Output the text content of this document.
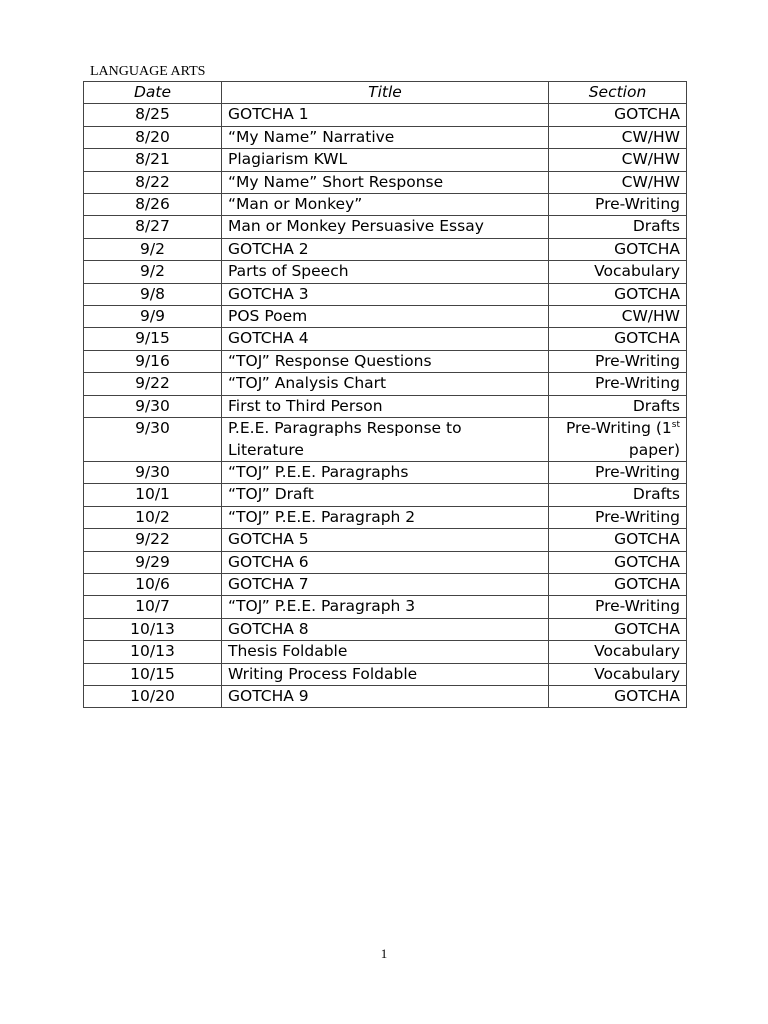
LANGUAGE ARTS
Date	Title	Section
8/25	GOTCHA 1	GOTCHA
8/20	“My Name” Narrative	CW/HW
8/21	Plagiarism KWL	CW/HW
8/22	“My Name” Short Response	CW/HW
8/26	“Man or Monkey”	Pre-Writing
8/27	Man or Monkey Persuasive Essay	Drafts
9/2	GOTCHA 2	GOTCHA
9/2	Parts of Speech	Vocabulary
9/8	GOTCHA 3	GOTCHA
9/9	POS Poem	CW/HW
9/15	GOTCHA 4	GOTCHA
9/16	“TOJ” Response Questions	Pre-Writing
9/22	“TOJ” Analysis Chart	Pre-Writing
9/30	First to Third Person	Drafts
9/30	P.E.E. Paragraphs Response to Literature	Pre-Writing (1st paper)
9/30	“TOJ” P.E.E. Paragraphs	Pre-Writing
10/1	“TOJ” Draft	Drafts
10/2	“TOJ” P.E.E. Paragraph 2	Pre-Writing
9/22	GOTCHA 5	GOTCHA
9/29	GOTCHA 6	GOTCHA
10/6	GOTCHA 7	GOTCHA
10/7	“TOJ” P.E.E. Paragraph 3	Pre-Writing
10/13	GOTCHA 8	GOTCHA
10/13	Thesis Foldable	Vocabulary
10/15	Writing Process Foldable	Vocabulary
10/20	GOTCHA 9	GOTCHA
1
